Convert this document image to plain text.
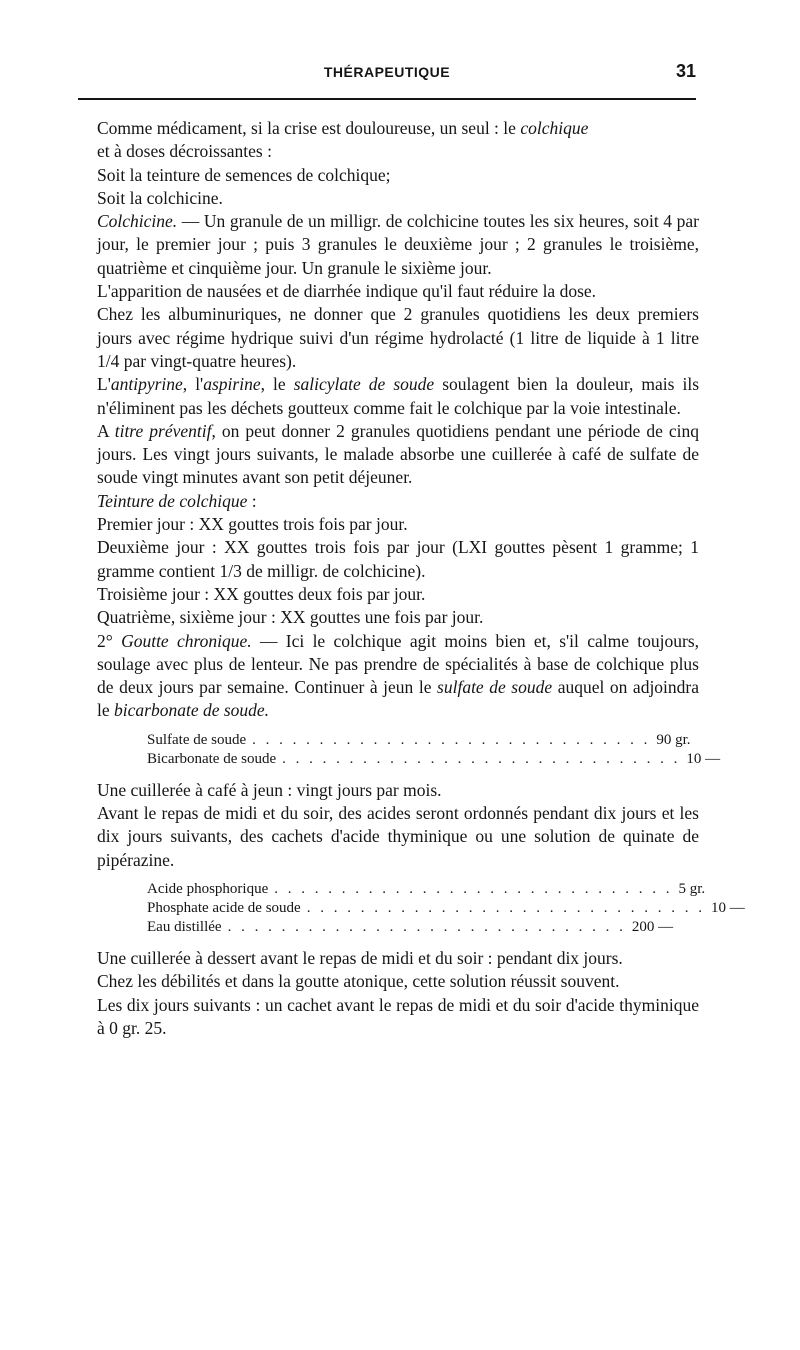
THÉRAPEUTIQUE	31

Comme médicament, si la crise est douloureuse, un seul : le colchique

et à doses décroissantes :

Soit la teinture de semences de colchique;

Soit la colchicine.

Colchicine. — Un granule de un milligr. de colchicine toutes les six heures, soit 4 par jour, le premier jour ; puis 3 granules le deuxième jour ; 2 granules le troisième, quatrième et cinquième jour. Un granule le sixième jour.

L'apparition de nausées et de diarrhée indique qu'il faut réduire la dose.

Chez les albuminuriques, ne donner que 2 granules quotidiens les deux premiers jours avec régime hydrique suivi d'un régime hydrolacté (1 litre de liquide à 1 litre 1/4 par vingt-quatre heures).

L'antipyrine, l'aspirine, le salicylate de soude soulagent bien la douleur, mais ils n'éliminent pas les déchets goutteux comme fait le colchique par la voie intestinale.

A titre préventif, on peut donner 2 granules quotidiens pendant une période de cinq jours. Les vingt jours suivants, le malade absorbe une cuillerée à café de sulfate de soude vingt minutes avant son petit déjeuner.

Teinture de colchique :

Premier jour : XX gouttes trois fois par jour.

Deuxième jour : XX gouttes trois fois par jour (LXI gouttes pèsent 1 gramme; 1 gramme contient 1/3 de milligr. de colchicine).

Troisième jour : XX gouttes deux fois par jour.

Quatrième, sixième jour : XX gouttes une fois par jour.

2° Goutte chronique. — Ici le colchique agit moins bien et, s'il calme toujours, soulage avec plus de lenteur. Ne pas prendre de spécialités à base de colchique plus de deux jours par semaine. Continuer à jeun le sulfate de soude auquel on adjoindra le bicarbonate de soude.

Sulfate de soude . . . . . . . . . . . . . . . . . . . . . . . . . . . . . . 90 gr.
Bicarbonate de soude . . . . . . . . . . . . . . . . . . . . . . . . . . . . . . 10 —

Une cuillerée à café à jeun : vingt jours par mois.

Avant le repas de midi et du soir, des acides seront ordonnés pendant dix jours et les dix jours suivants, des cachets d'acide thyminique ou une solution de quinate de pipérazine.

Acide phosphorique . . . . . . . . . . . . . . . . . . . . . . . . . . . . . . 5 gr.
Phosphate acide de soude . . . . . . . . . . . . . . . . . . . . . . . . . . . . . . 10 —
Eau distillée . . . . . . . . . . . . . . . . . . . . . . . . . . . . . . 200 —

Une cuillerée à dessert avant le repas de midi et du soir : pendant dix jours.

Chez les débilités et dans la goutte atonique, cette solution réussit souvent.

Les dix jours suivants : un cachet avant le repas de midi et du soir d'acide thyminique à 0 gr. 25.
